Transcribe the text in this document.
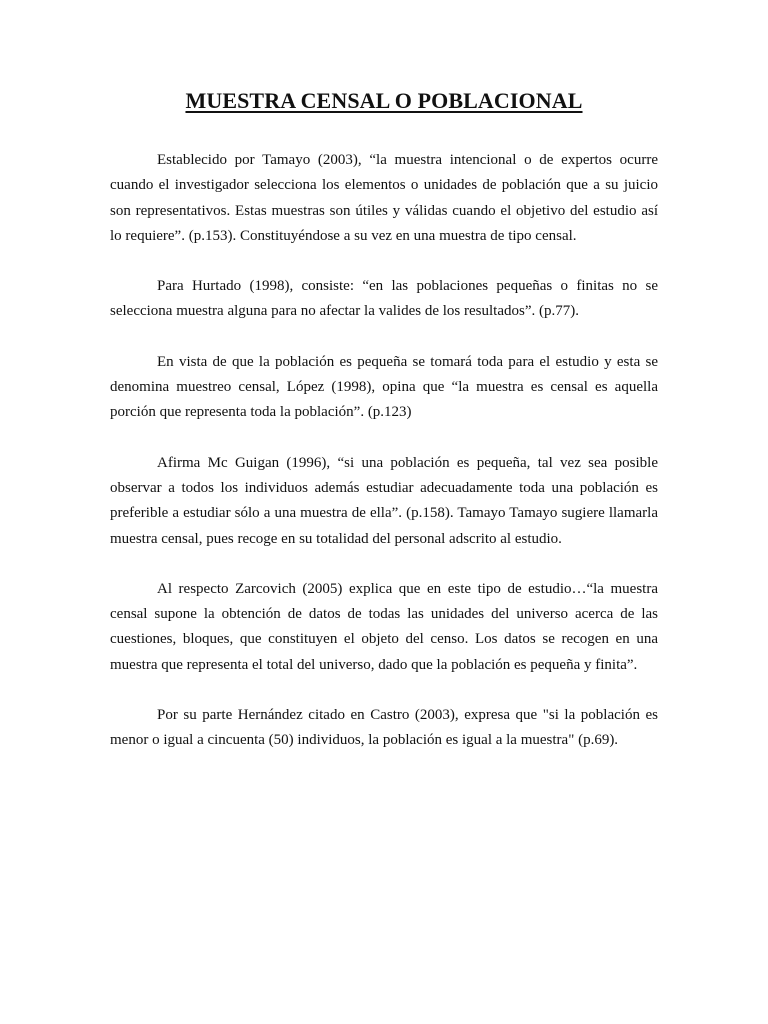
MUESTRA CENSAL O POBLACIONAL

Establecido por Tamayo (2003), “la muestra intencional o de expertos ocurre cuando el investigador selecciona los elementos o unidades de población que a su juicio son representativos. Estas muestras son útiles y válidas cuando el objetivo del estudio así lo requiere”. (p.153). Constituyéndose a su vez en una muestra de tipo censal.

Para Hurtado (1998), consiste: “en las poblaciones pequeñas o finitas no se selecciona muestra alguna para no afectar la valides de los resultados”. (p.77).

En vista de que la población es pequeña se tomará toda para el estudio y esta se denomina muestreo censal, López (1998), opina que “la muestra es censal es aquella porción que representa toda la población”. (p.123)

Afirma Mc Guigan (1996), “si una población es pequeña, tal vez sea posible observar a todos los individuos además estudiar adecuadamente toda una población es preferible a estudiar sólo a una muestra de ella”. (p.158). Tamayo Tamayo sugiere llamarla muestra censal, pues recoge en su totalidad del personal adscrito al estudio.

Al respecto Zarcovich (2005) explica que en este tipo de estudio…“la muestra censal supone la obtención de datos de todas las unidades del universo acerca de las cuestiones, bloques, que constituyen el objeto del censo. Los datos se recogen en una muestra que representa el total del universo, dado que la población es pequeña y finita”.

Por su parte Hernández citado en Castro (2003), expresa que "si la población es menor o igual a cincuenta (50) individuos, la población es igual a la muestra" (p.69).
